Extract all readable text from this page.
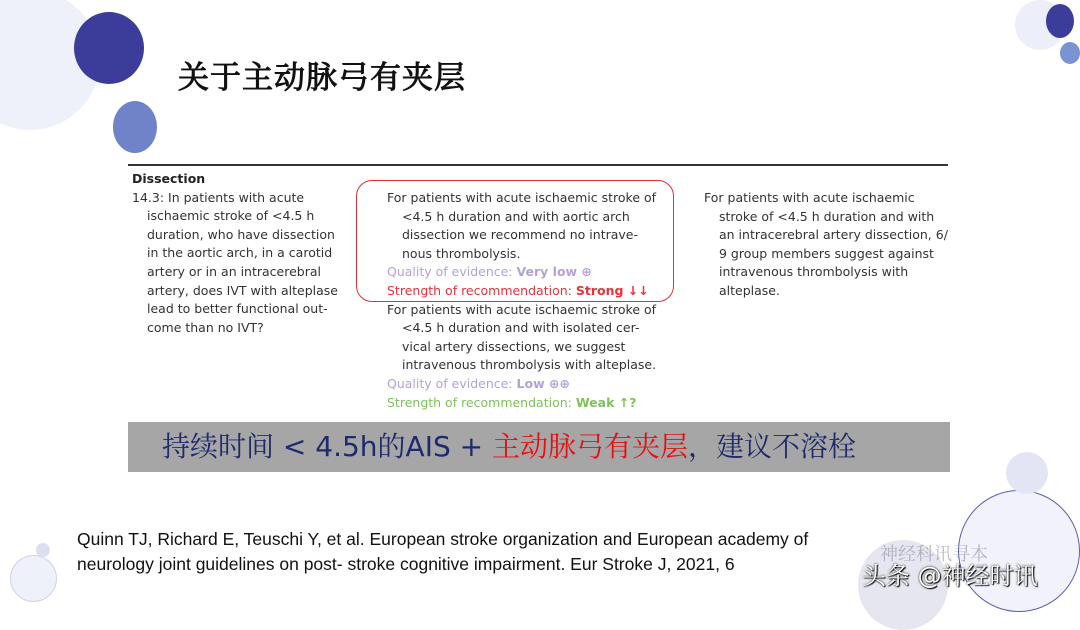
关于主动脉弓有夹层
Dissection
14.3: In patients with acute
ischaemic stroke of <4.5 h
duration, who have dissection
in the aortic arch, in a carotid
artery or in an intracerebral
artery, does IVT with alteplase
lead to better functional out-
come than no IVT?
For patients with acute ischaemic stroke of
<4.5 h duration and with aortic arch
dissection we recommend no intrave-
nous thrombolysis.
Quality of evidence: Very low ⊕
Strength of recommendation: Strong ↓↓
For patients with acute ischaemic stroke of
<4.5 h duration and with isolated cer-
vical artery dissections, we suggest
intravenous thrombolysis with alteplase.
Quality of evidence: Low ⊕⊕
Strength of recommendation: Weak ↑?
For patients with acute ischaemic
stroke of <4.5 h duration and with
an intracerebral artery dissection, 6/
9 group members suggest against
intravenous thrombolysis with
alteplase.
持续时间 < 4.5h的AIS + 主动脉弓有夹层，建议不溶栓
Quinn TJ, Richard E, Teuschi Y, et al. European stroke organization and European academy of
neurology joint guidelines on post- stroke cognitive impairment. Eur Stroke J, 2021, 6	神经科讯寻本
头条 @神经时讯
